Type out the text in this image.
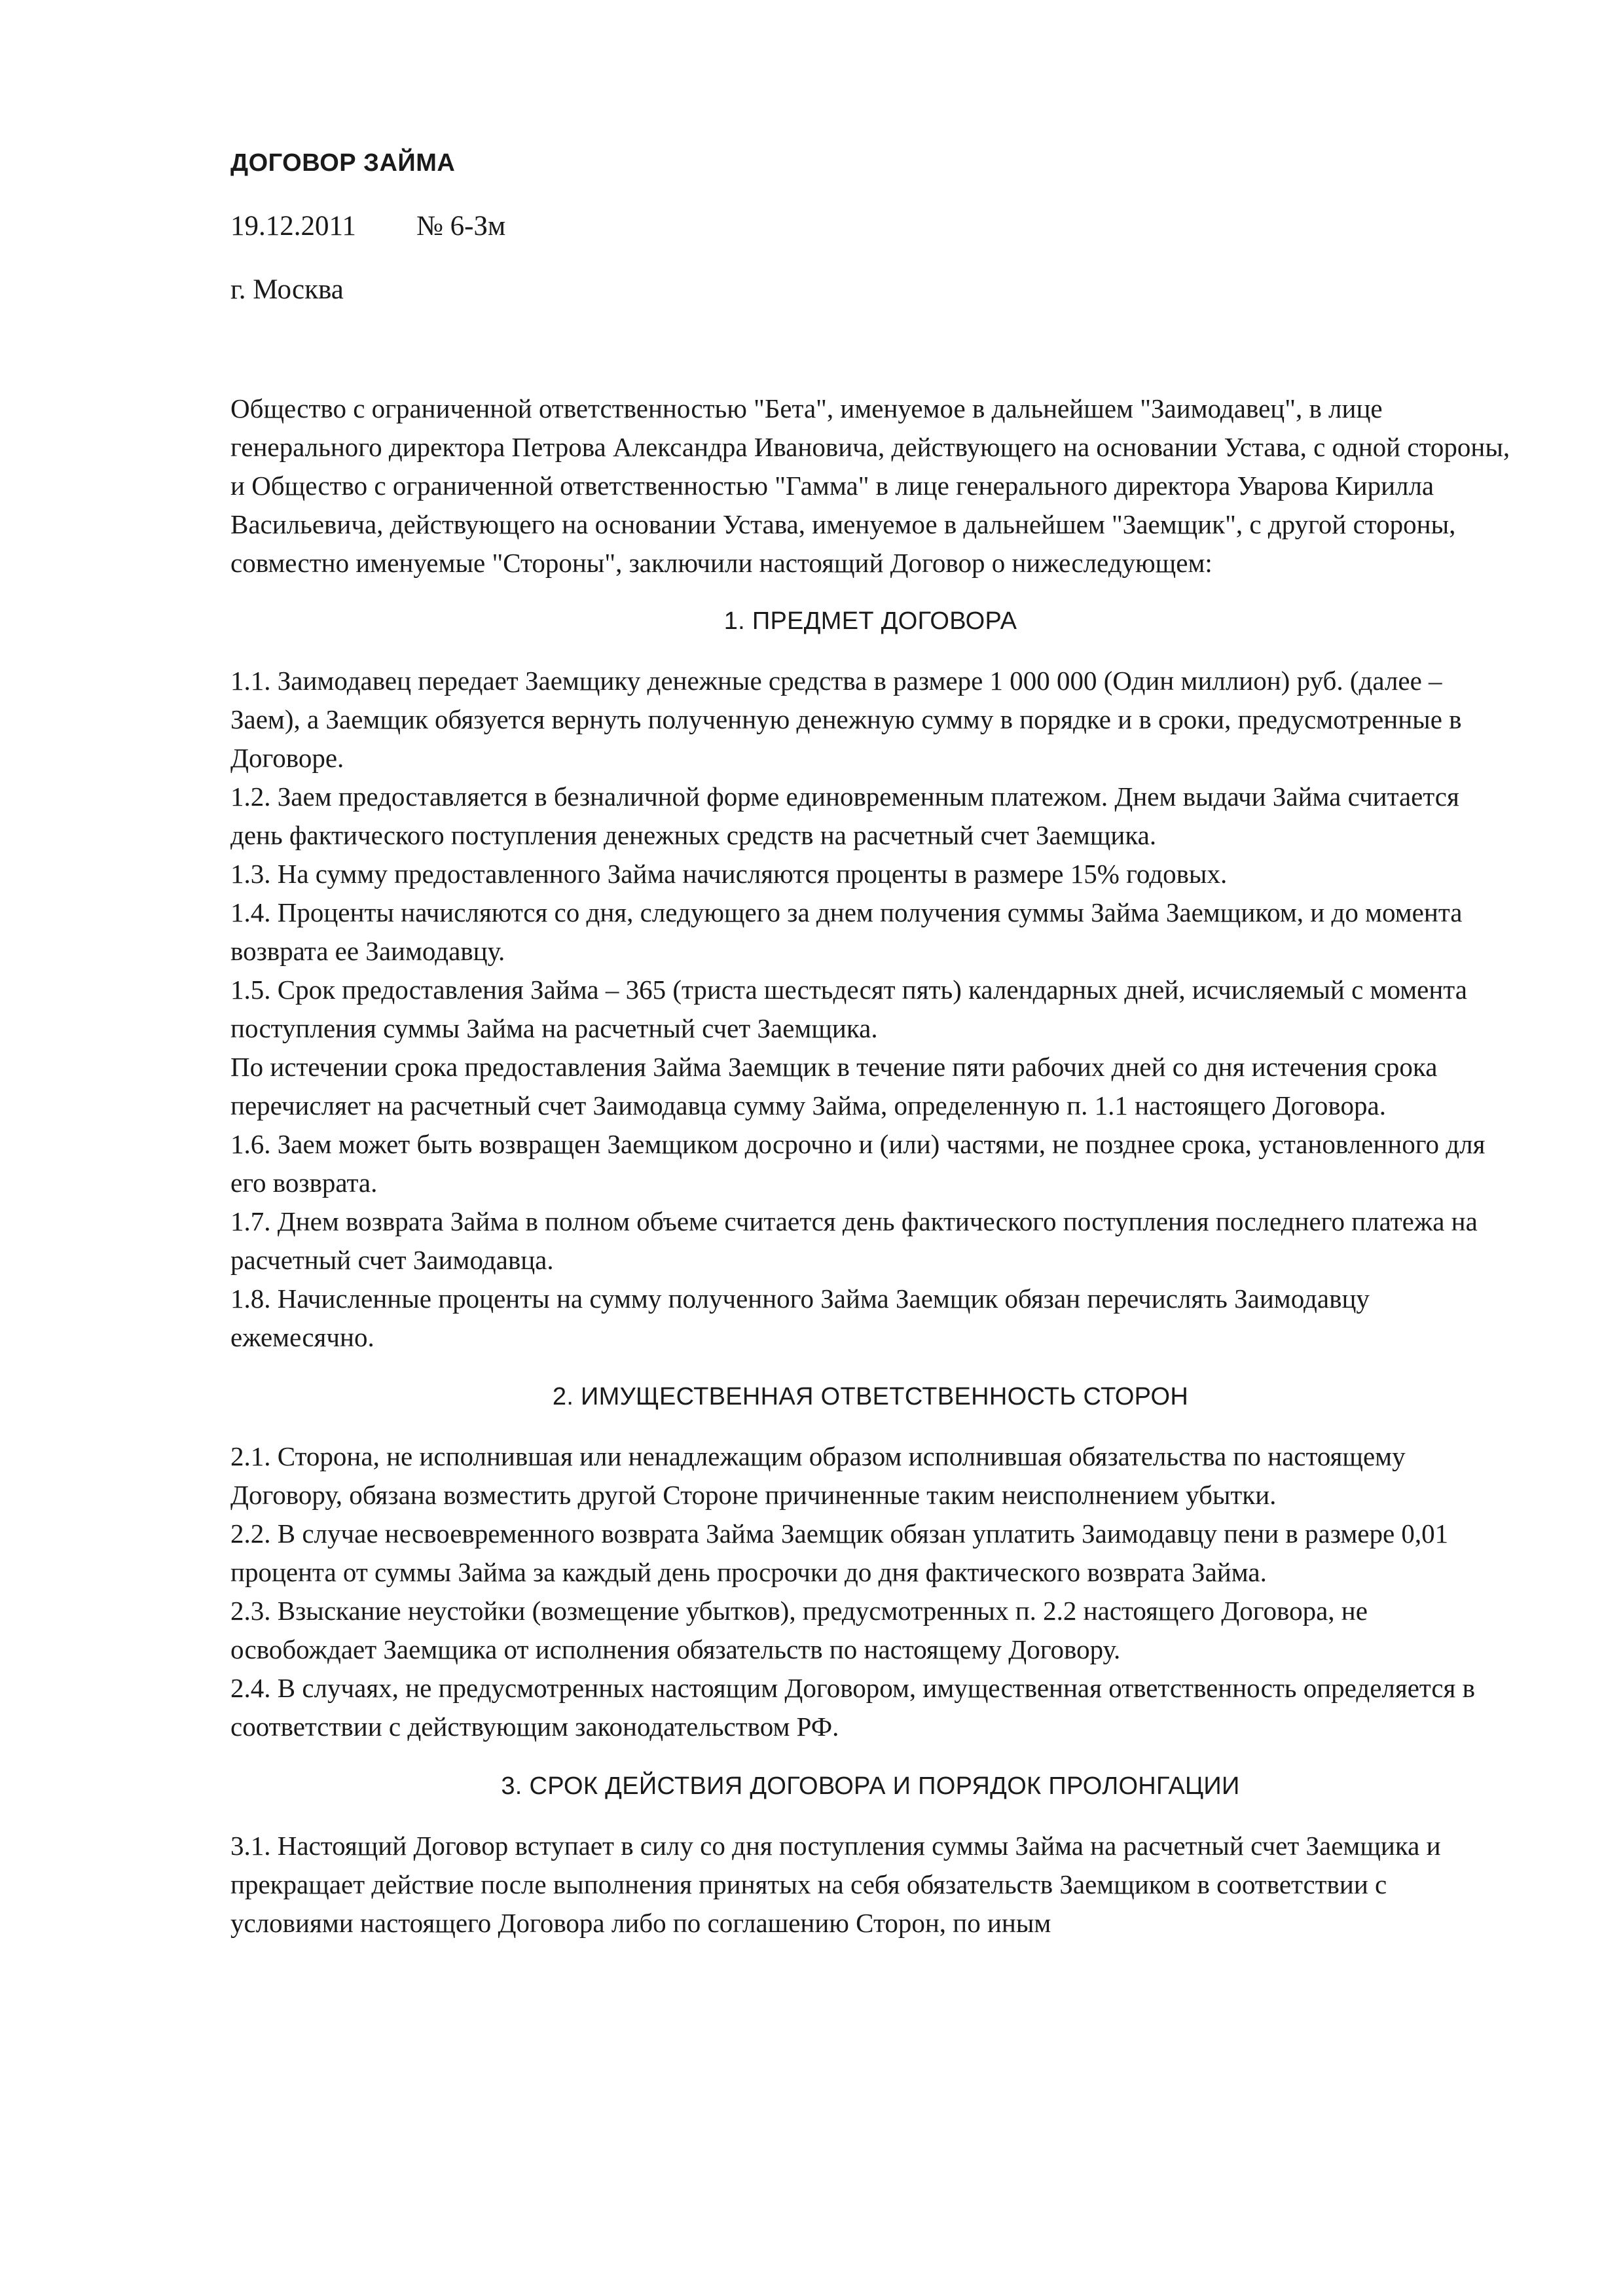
ДОГОВОР ЗАЙМА
19.12.2011 № 6-Зм
г. Москва

Общество с ограниченной ответственностью "Бета", именуемое в дальнейшем "Заимодавец", в лице генерального директора Петрова Александра Ивановича, действующего на основании Устава, с одной стороны, и Общество с ограниченной ответственностью "Гамма" в лице генерального директора Уварова Кирилла Васильевича, действующего на основании Устава, именуемое в дальнейшем "Заемщик", с другой стороны, совместно именуемые "Стороны", заключили настоящий Договор о нижеследующем:

1. ПРЕДМЕТ ДОГОВОРА

1.1. Заимодавец передает Заемщику денежные средства в размере 1 000 000 (Один миллион) руб. (далее – Заем), а Заемщик обязуется вернуть полученную денежную сумму в порядке и в сроки, предусмотренные в Договоре.

1.2. Заем предоставляется в безналичной форме единовременным платежом. Днем выдачи Займа считается день фактического поступления денежных средств на расчетный счет Заемщика.

1.3. На сумму предоставленного Займа начисляются проценты в размере 15% годовых.

1.4. Проценты начисляются со дня, следующего за днем получения суммы Займа Заемщиком, и до момента возврата ее Заимодавцу.

1.5. Срок предоставления Займа – 365 (триста шестьдесят пять) календарных дней, исчисляемый с момента поступления суммы Займа на расчетный счет Заемщика.

По истечении срока предоставления Займа Заемщик в течение пяти рабочих дней со дня истечения срока перечисляет на расчетный счет Заимодавца сумму Займа, определенную п. 1.1 настоящего Договора.

1.6. Заем может быть возвращен Заемщиком досрочно и (или) частями, не позднее срока, установленного для его возврата.

1.7. Днем возврата Займа в полном объеме считается день фактического поступления последнего платежа на расчетный счет Заимодавца.

1.8. Начисленные проценты на сумму полученного Займа Заемщик обязан перечислять Заимодавцу ежемесячно.

2. ИМУЩЕСТВЕННАЯ ОТВЕТСТВЕННОСТЬ СТОРОН

2.1. Сторона, не исполнившая или ненадлежащим образом исполнившая обязательства по настоящему Договору, обязана возместить другой Стороне причиненные таким неисполнением убытки.

2.2. В случае несвоевременного возврата Займа Заемщик обязан уплатить Заимодавцу пени в размере 0,01 процента от суммы Займа за каждый день просрочки до дня фактического возврата Займа.

2.3. Взыскание неустойки (возмещение убытков), предусмотренных п. 2.2 настоящего Договора, не освобождает Заемщика от исполнения обязательств по настоящему Договору.

2.4. В случаях, не предусмотренных настоящим Договором, имущественная ответственность определяется в соответствии с действующим законодательством РФ.

3. СРОК ДЕЙСТВИЯ ДОГОВОРА И ПОРЯДОК ПРОЛОНГАЦИИ

3.1. Настоящий Договор вступает в силу со дня поступления суммы Займа на расчетный счет Заемщика и прекращает действие после выполнения принятых на себя обязательств Заемщиком в соответствии с условиями настоящего Договора либо по соглашению Сторон, по иным
